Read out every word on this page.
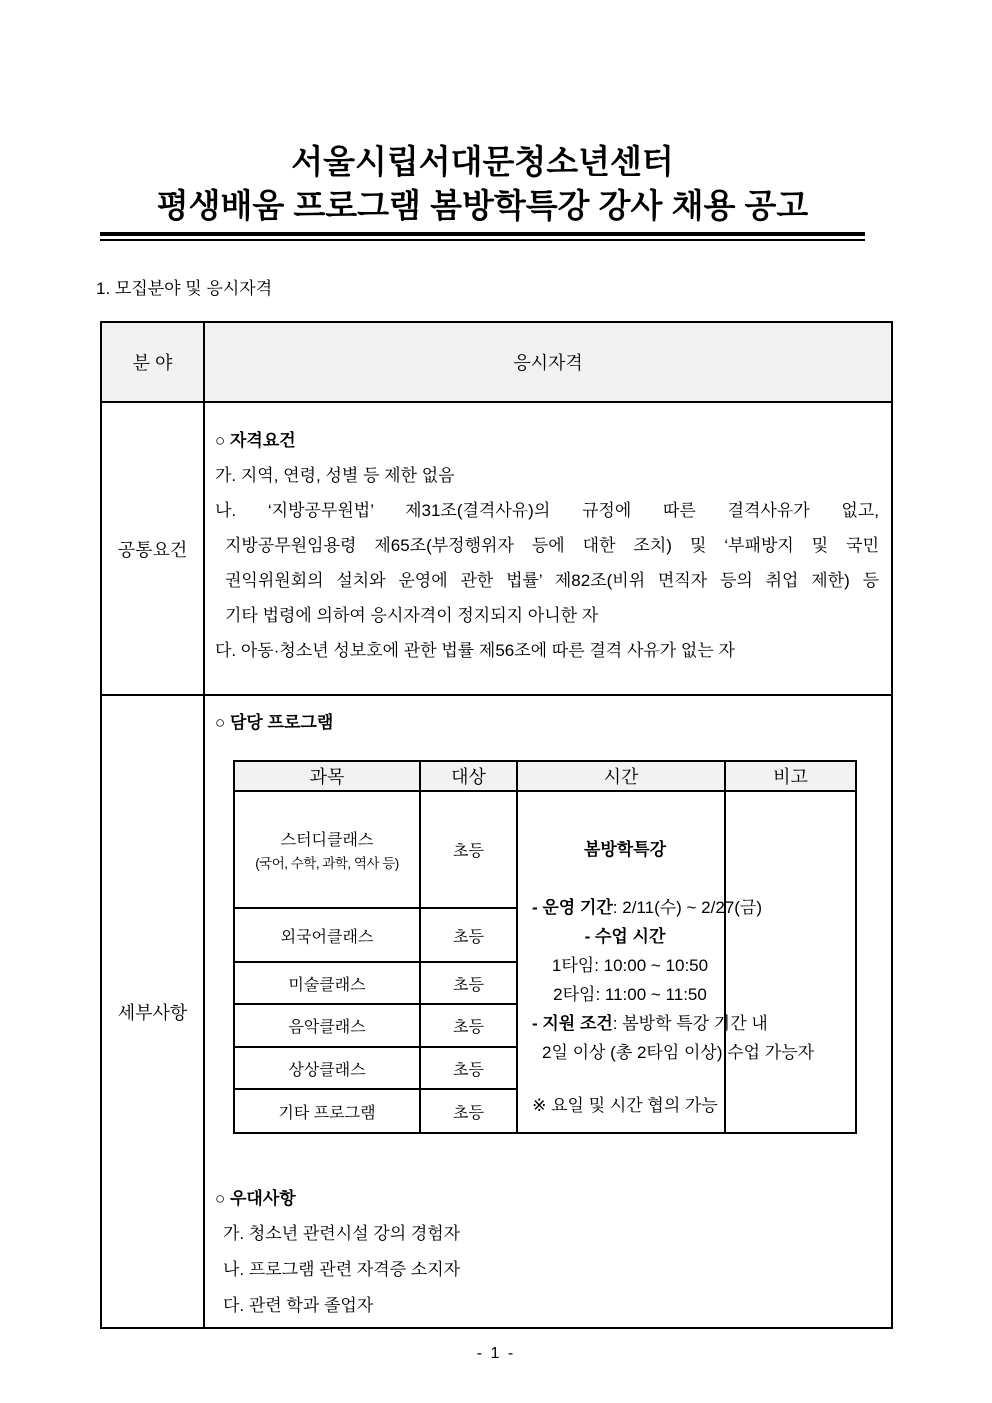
서울시립서대문청소년센터
평생배움 프로그램 봄방학특강 강사 채용 공고
1. 모집분야 및 응시자격
분 야	응시자격
공통요건	
○ 자격요건
가. 지역, 연령, 성별 등 제한 없음
나. ‘지방공무원법’ 제31조(결격사유)의 규정에 따른 결격사유가 없고,
지방공무원임용령 제65조(부정행위자 등에 대한 조치) 및 ‘부패방지 및 국민
권익위원회의 설치와 운영에 관한 법률’ 제82조(비위 면직자 등의 취업 제한) 등
기타 법령에 의하여 응시자격이 정지되지 아니한 자
다. 아동·청소년 성보호에 관한 법률 제56조에 따른 결격 사유가 없는 자

세부사항	
○ 담당 프로그램
과목	대상	시간	비고

스터디클래스
(국어, 수학, 과학, 역사 등)
	초등	봄방학특강
- 운영 기간: 2/11(수) ~ 2/27(금)
- 수업 시간
1타임: 10:00 ~ 10:50
2타임: 11:00 ~ 11:50
- 지원 조건: 봄방학 특강 기간 내
2일 이상 (총 2타임 이상) 수업 가능자
※ 요일 및 시간 협의 가능

외국어클래스	초등
미술클래스	초등
음악클래스	초등
상상클래스	초등
기타 프로그램	초등
○ 우대사항
가. 청소년 관련시설 강의 경험자
나. 프로그램 관련 자격증 소지자
다. 관련 학과 졸업자
- 1 -
